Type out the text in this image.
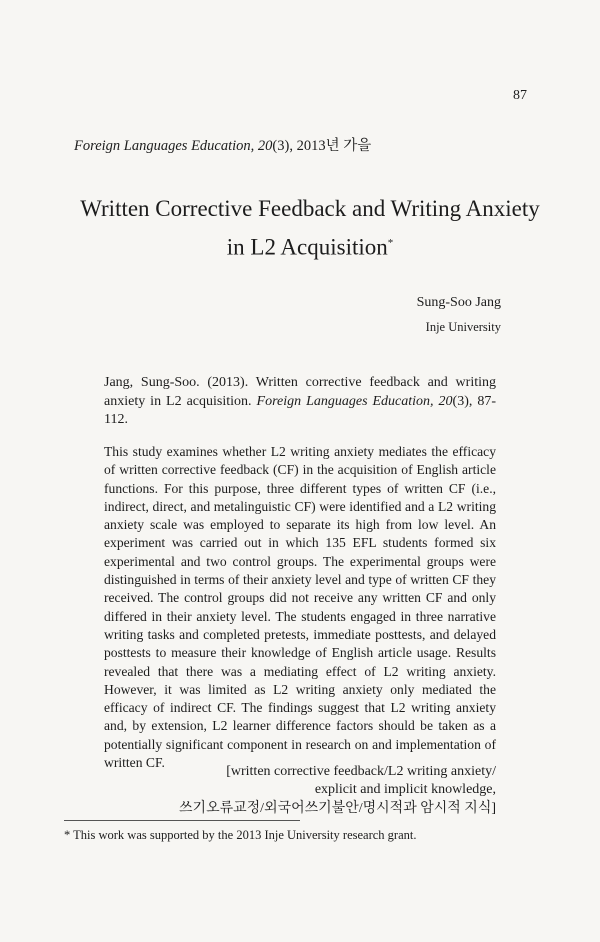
87
Foreign Languages Education, 20(3), 2013년 가을
Written Corrective Feedback and Writing Anxiety
in L2 Acquisition*
Sung-Soo Jang
Inje University
Jang, Sung-Soo. (2013). Written corrective feedback and writing anxiety in L2 acquisition. Foreign Languages Education, 20(3), 87-112.
This study examines whether L2 writing anxiety mediates the efficacy of written corrective feedback (CF) in the acquisition of English article functions. For this purpose, three different types of written CF (i.e., indirect, direct, and metalinguistic CF) were identified and a L2 writing anxiety scale was employed to separate its high from low level. An experiment was carried out in which 135 EFL students formed six experimental and two control groups. The experimental groups were distinguished in terms of their anxiety level and type of written CF they received. The control groups did not receive any written CF and only differed in their anxiety level. The students engaged in three narrative writing tasks and completed pretests, immediate posttests, and delayed posttests to measure their knowledge of English article usage. Results revealed that there was a mediating effect of L2 writing anxiety. However, it was limited as L2 writing anxiety only mediated the efficacy of indirect CF. The findings suggest that L2 writing anxiety and, by extension, L2 learner difference factors should be taken as a potentially significant component in research on and implementation of written CF.
[written corrective feedback/L2 writing anxiety/
explicit and implicit knowledge,
쓰기오류교정/외국어쓰기불안/명시적과 암시적 지식]
* This work was supported by the 2013 Inje University research grant.
